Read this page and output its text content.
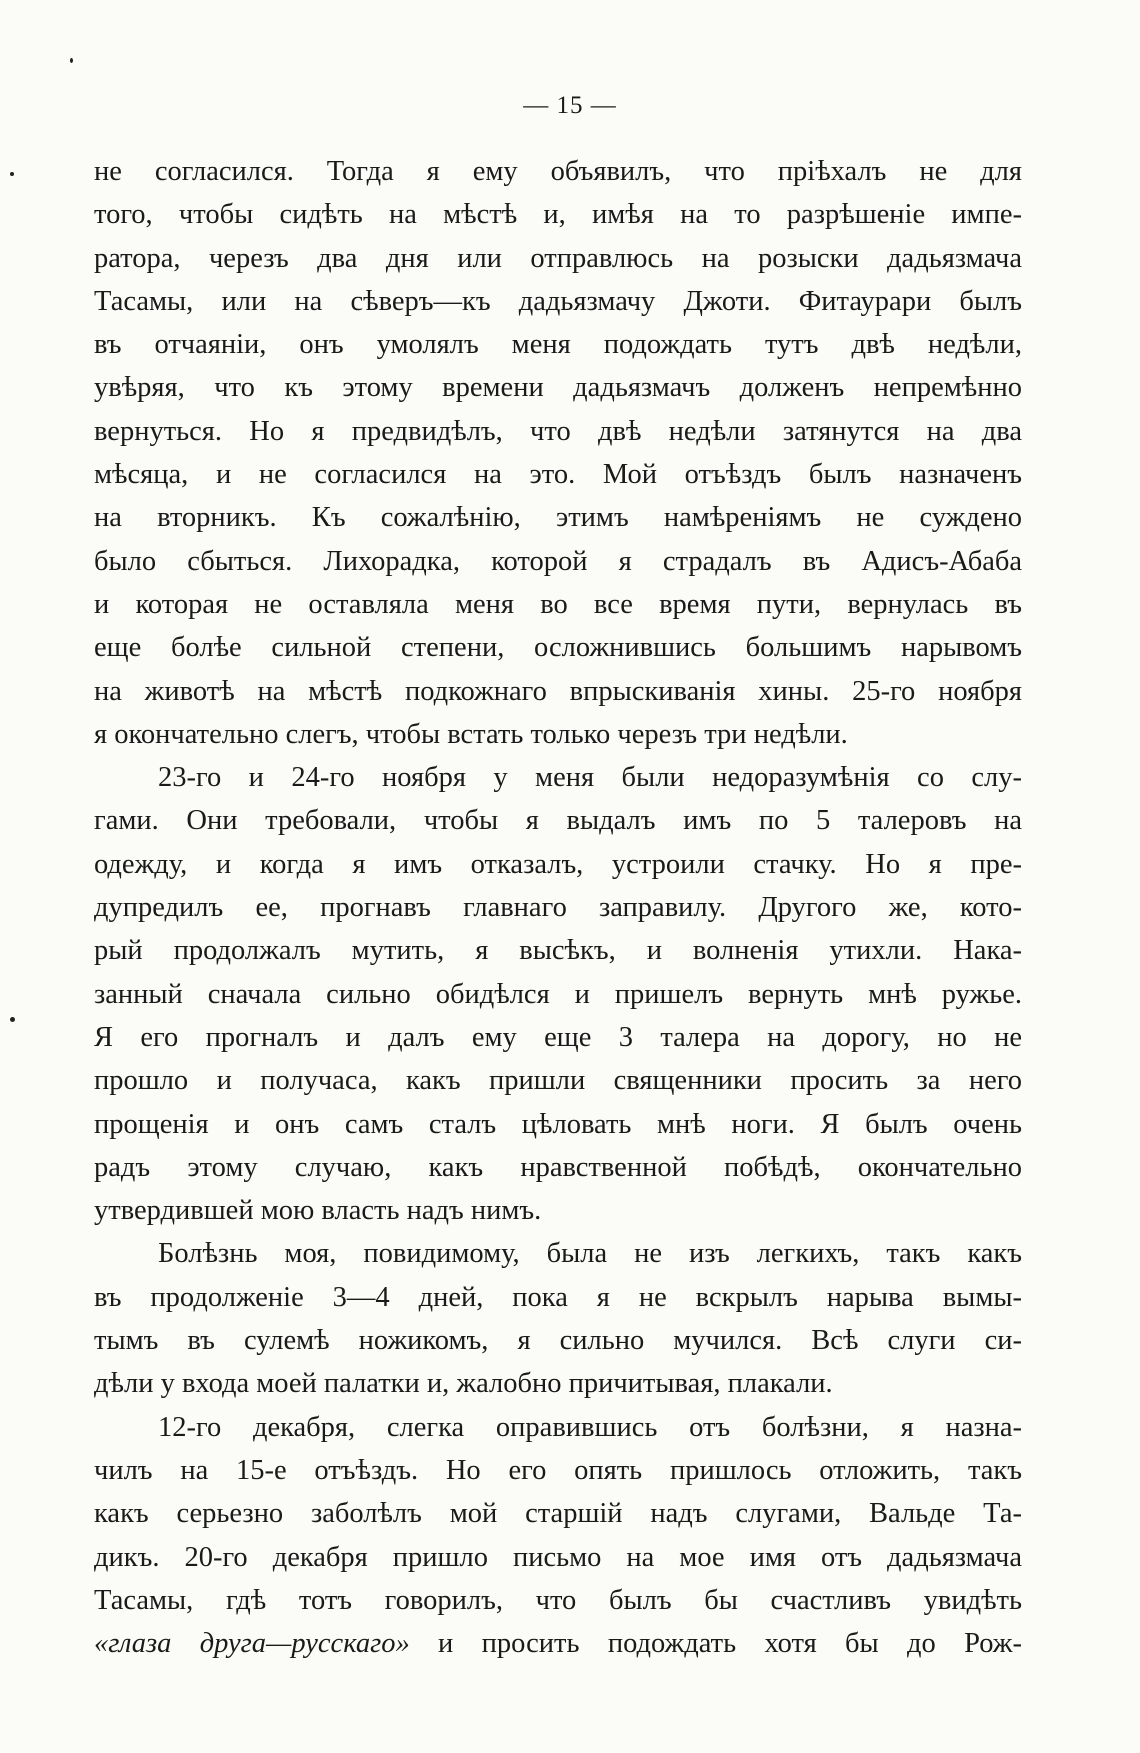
— 15 —
не согласился. Тогда я ему объявилъ, что пріѣхалъ не для
того, чтобы сидѣть на мѣстѣ и, имѣя на то разрѣшеніе импе-
ратора, черезъ два дня или отправлюсь на розыски дадьязмача
Тасамы, или на сѣверъ—къ дадьязмачу Джоти. Фитаурари былъ
въ отчаяніи, онъ умолялъ меня подождать тутъ двѣ недѣли,
увѣряя, что къ этому времени дадьязмачъ долженъ непремѣнно
вернуться. Но я предвидѣлъ, что двѣ недѣли затянутся на два
мѣсяца, и не согласился на это. Мой отъѣздъ былъ назначенъ
на вторникъ. Къ сожалѣнію, этимъ намѣреніямъ не суждено
было сбыться. Лихорадка, которой я страдалъ въ Адисъ-Абаба
и которая не оставляла меня во все время пути, вернулась въ
еще болѣе сильной степени, осложнившись большимъ нарывомъ
на животѣ на мѣстѣ подкожнаго впрыскиванія хины. 25-го ноября
я окончательно слегъ, чтобы встать только черезъ три недѣли.
23-го и 24-го ноября у меня были недоразумѣнія со слу-
гами. Они требовали, чтобы я выдалъ имъ по 5 талеровъ на
одежду, и когда я имъ отказалъ, устроили стачку. Но я пре-
дупредилъ ее, прогнавъ главнаго заправилу. Другого же, кото-
рый продолжалъ мутить, я высѣкъ, и волненія утихли. Нака-
занный сначала сильно обидѣлся и пришелъ вернуть мнѣ ружье.
Я его прогналъ и далъ ему еще 3 талера на дорогу, но не
прошло и получаса, какъ пришли священники просить за него
прощенія и онъ самъ сталъ цѣловать мнѣ ноги. Я былъ очень
радъ этому случаю, какъ нравственной побѣдѣ, окончательно
утвердившей мою власть надъ нимъ.
Болѣзнь моя, повидимому, была не изъ легкихъ, такъ какъ
въ продолженіе 3—4 дней, пока я не вскрылъ нарыва вымы-
тымъ въ сулемѣ ножикомъ, я сильно мучился. Всѣ слуги си-
дѣли у входа моей палатки и, жалобно причитывая, плакали.
12-го декабря, слегка оправившись отъ болѣзни, я назна-
чилъ на 15-е отъѣздъ. Но его опять пришлось отложить, такъ
какъ серьезно заболѣлъ мой старшій надъ слугами, Вальде Та-
дикъ. 20-го декабря пришло письмо на мое имя отъ дадьязмача
Тасамы, гдѣ тотъ говорилъ, что былъ бы счастливъ увидѣть
«глаза друга—русскаго» и просить подождать хотя бы до Рож-
